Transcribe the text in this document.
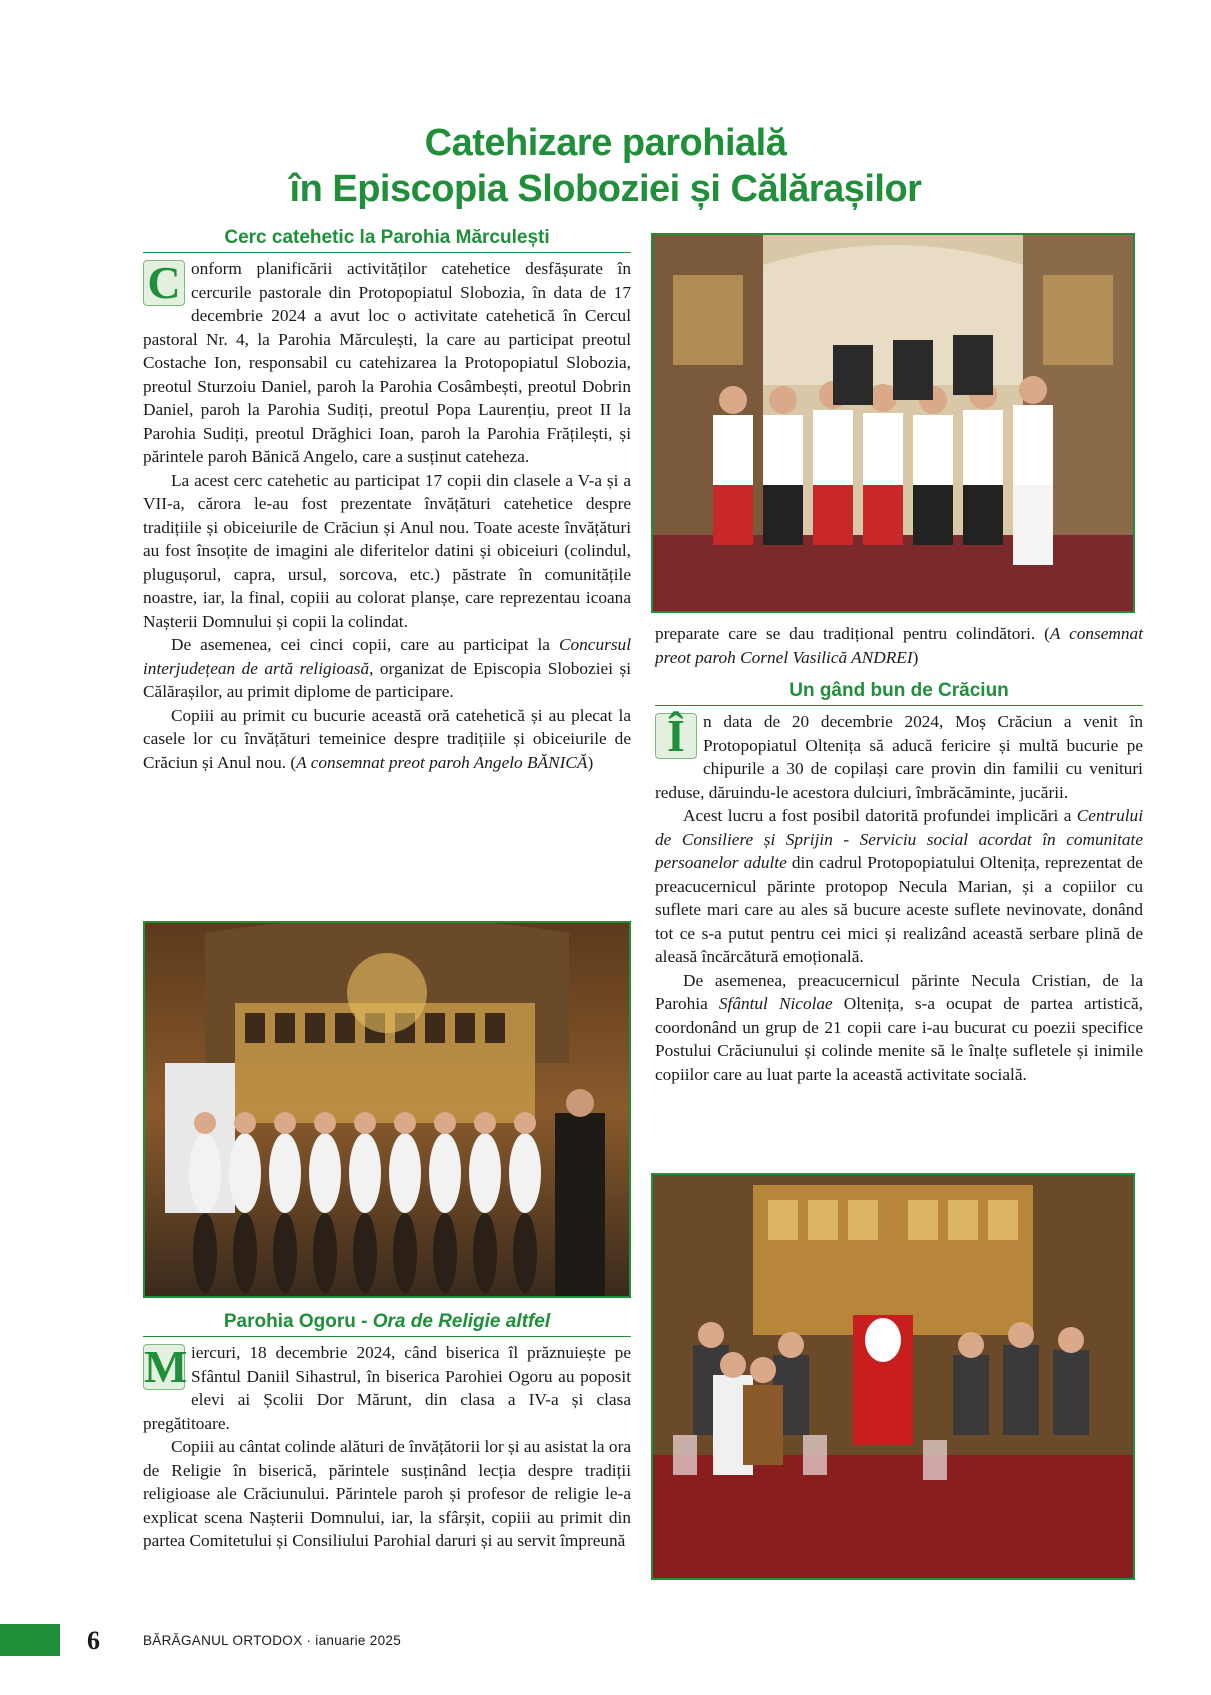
Catehizare parohială
în Episcopia Sloboziei și Călărașilor
Cerc catehetic la Parohia Mărculești

C onform planificării activităților catehetice desfășurate în cercurile pastorale din Protopopiatul Slobozia, în data de 17 decembrie 2024 a avut loc o activitate catehetică în Cercul pastoral Nr. 4, la Parohia Mărculești, la care au participat preotul Costache Ion, responsabil cu catehizarea la Protopopiatul Slobozia, preotul Sturzoiu Daniel, paroh la Parohia Cosâmbești, preotul Dobrin Daniel, paroh la Parohia Sudiți, preotul Popa Laurențiu, preot II la Parohia Sudiți, preotul Drăghici Ioan, paroh la Parohia Frățilești, și părintele paroh Bănică Angelo, care a susținut cateheza.

La acest cerc catehetic au participat 17 copii din clasele a V-a și a VII-a, cărora le-au fost prezentate învățături catehetice despre tradițiile și obiceiurile de Crăciun și Anul nou. Toate aceste învățături au fost însoțite de imagini ale diferitelor datini și obiceiuri (colindul, plugușorul, capra, ursul, sorcova, etc.) păstrate în comunitățile noastre, iar, la final, copiii au colorat planșe, care reprezentau icoana Nașterii Domnului și copii la colindat.

De asemenea, cei cinci copii, care au participat la Concursul interjudețean de artă religioasă, organizat de Episcopia Sloboziei și Călărașilor, au primit diplome de participare.

Copiii au primit cu bucurie această oră catehetică și au plecat la casele lor cu învățături temeinice despre tradițiile și obiceiurile de Crăciun și Anul nou. (A consemnat preot paroh Angelo BĂNICĂ)

Parohia Ogoru - Ora de Religie altfel

M iercuri, 18 decembrie 2024, când biserica îl prăznuiește pe Sfântul Daniil Sihastrul, în biserica Parohiei Ogoru au poposit elevi ai Școlii Dor Mărunt, din clasa a IV-a și clasa pregătitoare.

Copiii au cântat colinde alături de învățătorii lor și au asistat la ora de Religie în biserică, părintele susținând lecția despre tradiții religioase ale Crăciunului. Părintele paroh și profesor de religie le-a explicat scena Nașterii Domnului, iar, la sfârșit, copiii au primit din partea Comitetului și Consiliului Parohial daruri și au servit împreună

preparate care se dau tradițional pentru colindători. (A consemnat preot paroh Cornel Vasilică ANDREI)

Un gând bun de Crăciun

Î	n data de 20 decembrie 2024, Moș Crăciun a venit în Protopopiatul Oltenița să aducă fericire și multă bucurie pe chipurile a 30 de copilași care provin din familii cu venituri reduse, dăruindu-le acestora dulciuri, îmbrăcăminte, jucării.

Acest lucru a fost posibil datorită profundei implicări a Centrului de Consiliere și Sprijin - Serviciu social acordat în comunitate persoanelor adulte din cadrul Protopopiatului Oltenița, reprezentat de preacucernicul părinte protopop Necula Marian, și a copiilor cu suflete mari care au ales să bucure aceste suflete nevinovate, donând tot ce s-a putut pentru cei mici și realizând această serbare plină de aleasă încărcătură emoțională.

De asemenea, preacucernicul părinte Necula Cristian, de la Parohia Sfântul Nicolae Oltenița, s-a ocupat de partea artistică, coordonând un grup de 21 copii care i-au bucurat cu poezii specifice Postului Crăciunului și colinde menite să le înalțe sufletele și inimile copiilor care au luat parte la această activitate socială.

6	BĂRĂGANUL ORTODOX · ianuarie 2025
